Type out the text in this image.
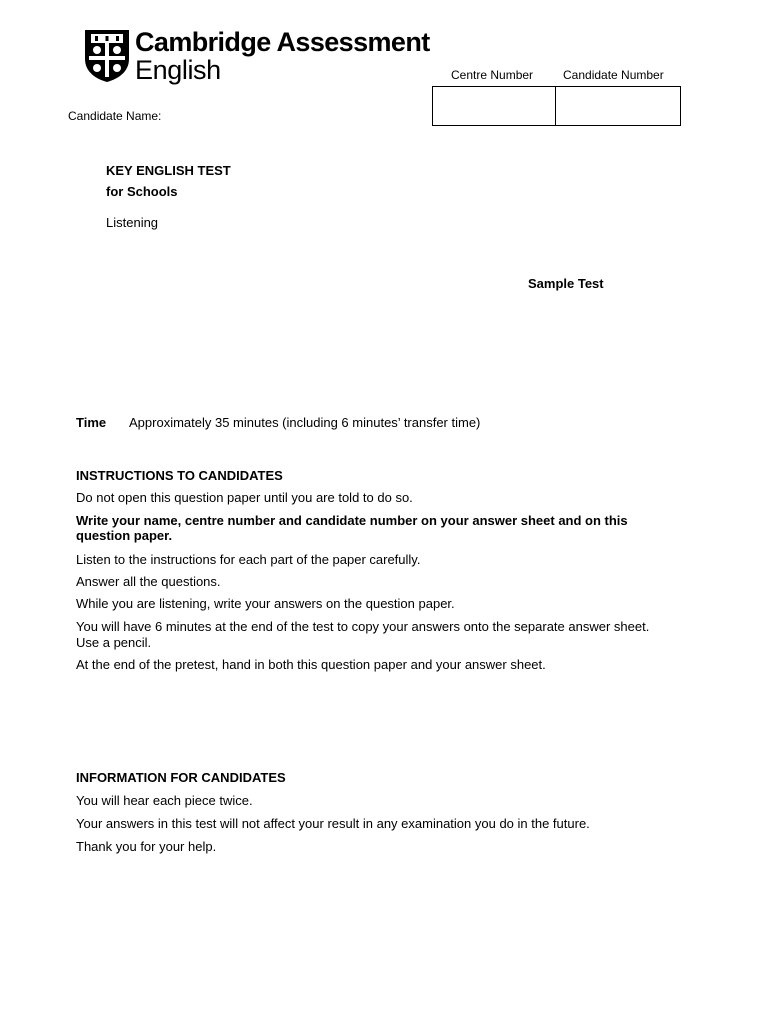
Cambridge Assessment
English	Centre Number Candidate Number
Candidate Name:
KEY ENGLISH TEST
for Schools
Listening
Sample Test
Time Approximately 35 minutes (including 6 minutes’ transfer time)
INSTRUCTIONS TO CANDIDATES
Do not open this question paper until you are told to do so.
Write your name, centre number and candidate number on your answer sheet and on this question paper.
Listen to the instructions for each part of the paper carefully.
Answer all the questions.
While you are listening, write your answers on the question paper.
You will have 6 minutes at the end of the test to copy your answers onto the separate answer sheet. Use a pencil.
At the end of the pretest, hand in both this question paper and your answer sheet.
INFORMATION FOR CANDIDATES
You will hear each piece twice.
Your answers in this test will not affect your result in any examination you do in the future.
Thank you for your help.
